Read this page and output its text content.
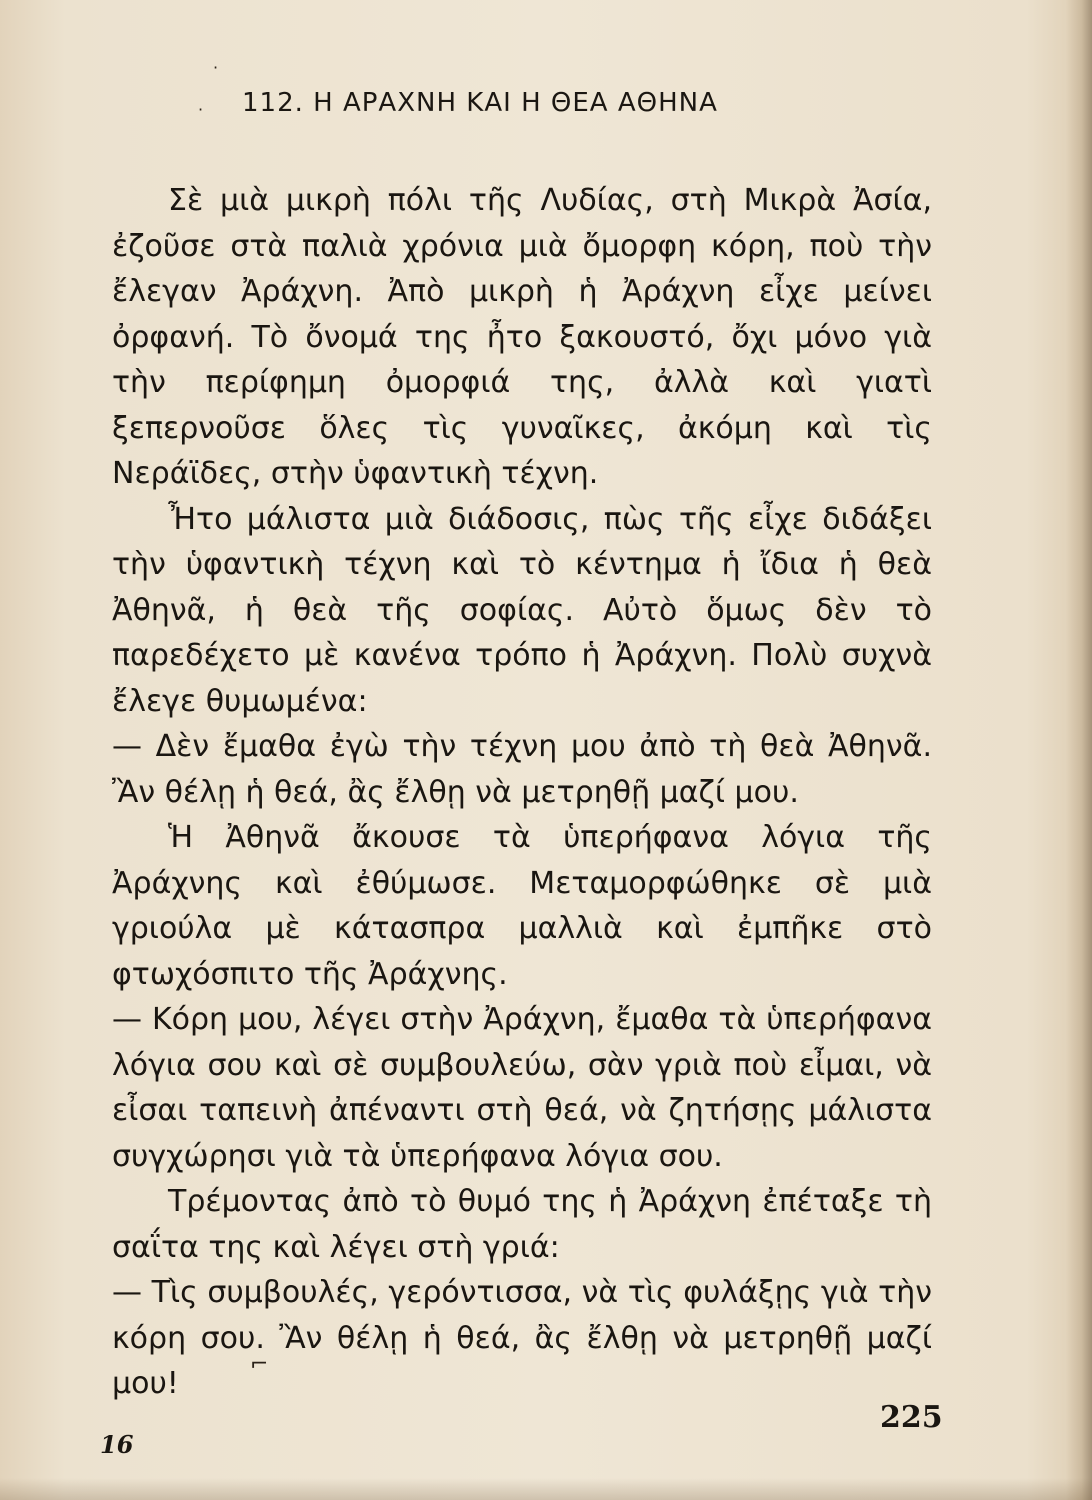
·
· 112. Η ΑΡΑΧΝΗ ΚΑΙ Η ΘΕΑ ΑΘΗΝΑ

Σὲ μιὰ μικρὴ πόλι τῆς Λυδίας, στὴ Μικρὰ Ἀσία, ἐζοῦσε στὰ παλιὰ χρόνια μιὰ ὄμορφη κόρη, ποὺ τὴν ἔλεγαν Ἀράχνη. Ἀπὸ μικρὴ ἡ Ἀράχνη εἶχε μείνει ὀρφανή. Τὸ ὄνομά της ἦτο ξακουστό, ὄχι μόνο γιὰ τὴν περίφημη ὀμορφιά της, ἀλλὰ καὶ γιατὶ ξεπερνοῦσε ὅλες τὶς γυναῖκες, ἀκόμη καὶ τὶς Νεράϊδες, στὴν ὑφαντικὴ τέχνη.

Ἦτο μάλιστα μιὰ διάδοσις, πὼς τῆς εἶχε διδάξει τὴν ὑφαντικὴ τέχνη καὶ τὸ κέντημα ἡ ἴδια ἡ θεὰ Ἀθηνᾶ, ἡ θεὰ τῆς σοφίας. Αὐτὸ ὅμως δὲν τὸ παρεδέχετο μὲ κανένα τρόπο ἡ Ἀράχνη. Πολὺ συχνὰ ἔλεγε θυμωμένα:

— Δὲν ἔμαθα ἐγὼ τὴν τέχνη μου ἀπὸ τὴ θεὰ Ἀθηνᾶ. Ἂν θέλῃ ἡ θεά, ἂς ἔλθῃ νὰ μετρηθῇ μαζί μου.

Ἡ Ἀθηνᾶ ἄκουσε τὰ ὑπερήφανα λόγια τῆς Ἀράχνης καὶ ἐθύμωσε. Μεταμορφώθηκε σὲ μιὰ γριούλα μὲ κάτασπρα μαλλιὰ καὶ ἐμπῆκε στὸ φτωχόσπιτο τῆς Ἀράχνης.

— Κόρη μου, λέγει στὴν Ἀράχνη, ἔμαθα τὰ ὑπερήφανα λόγια σου καὶ σὲ συμβουλεύω, σὰν γριὰ ποὺ εἶμαι, νὰ εἶσαι ταπεινὴ ἀπέναντι στὴ θεά, νὰ ζητήσῃς μάλιστα συγχώρησι γιὰ τὰ ὑπερήφανα λόγια σου.

Τρέμοντας ἀπὸ τὸ θυμό της ἡ Ἀράχνη ἐπέταξε τὴ σαΐτα της καὶ λέγει στὴ γριά:

— Τὶς συμβουλές, γερόντισσα, νὰ τὶς φυλάξῃς γιὰ τὴν κόρη σου. Ἂν θέλῃ ἡ θεά, ἂς ἔλθῃ νὰ μετρηθῇ μαζί μου!

⌐
225
16
